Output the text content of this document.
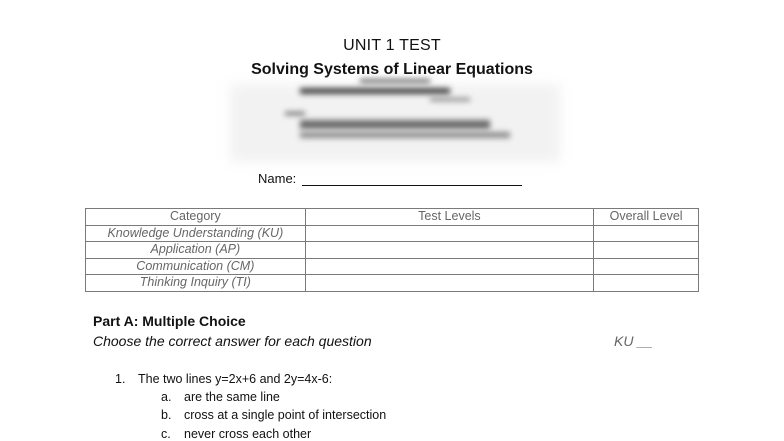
UNIT 1 TEST
Solving Systems of Linear Equations
Name:
Category	Test Levels	Overall Level
Knowledge Understanding (KU)		
Application (AP)		
Communication (CM)		
Thinking Inquiry (TI)		
Part A: Multiple Choice
Choose the correct answer for each question	KU __
1. The two lines y=2x+6 and 2y=4x-6:
a. are the same line
b. cross at a single point of intersection
c. never cross each other
